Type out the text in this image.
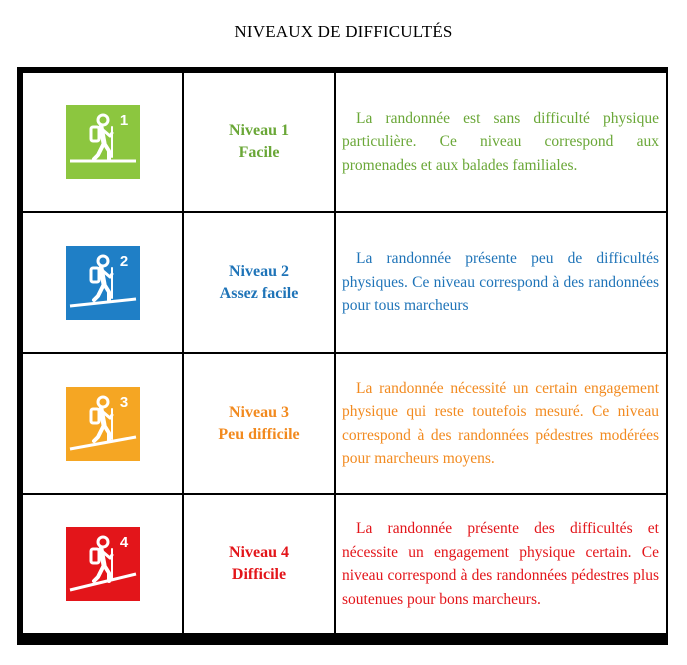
NIVEAUX DE DIFFICULTÉS
1
Niveau 1
Facile

La randonnée est sans difficulté physique particulière. Ce niveau correspond aux promenades et aux balades familiales.

2
Niveau 2
Assez facile

La randonnée présente peu de difficultés physiques. Ce niveau correspond à des randonnées pour tous marcheurs

3
Niveau 3
Peu difficile

La randonnée nécessité un certain engagement physique qui reste toutefois mesuré. Ce niveau correspond à des randonnées pédestres modérées pour marcheurs moyens.

4
Niveau 4
Difficile

La randonnée présente des difficultés et nécessite un engagement physique certain. Ce niveau correspond à des randonnées pédestres plus soutenues pour bons marcheurs.
